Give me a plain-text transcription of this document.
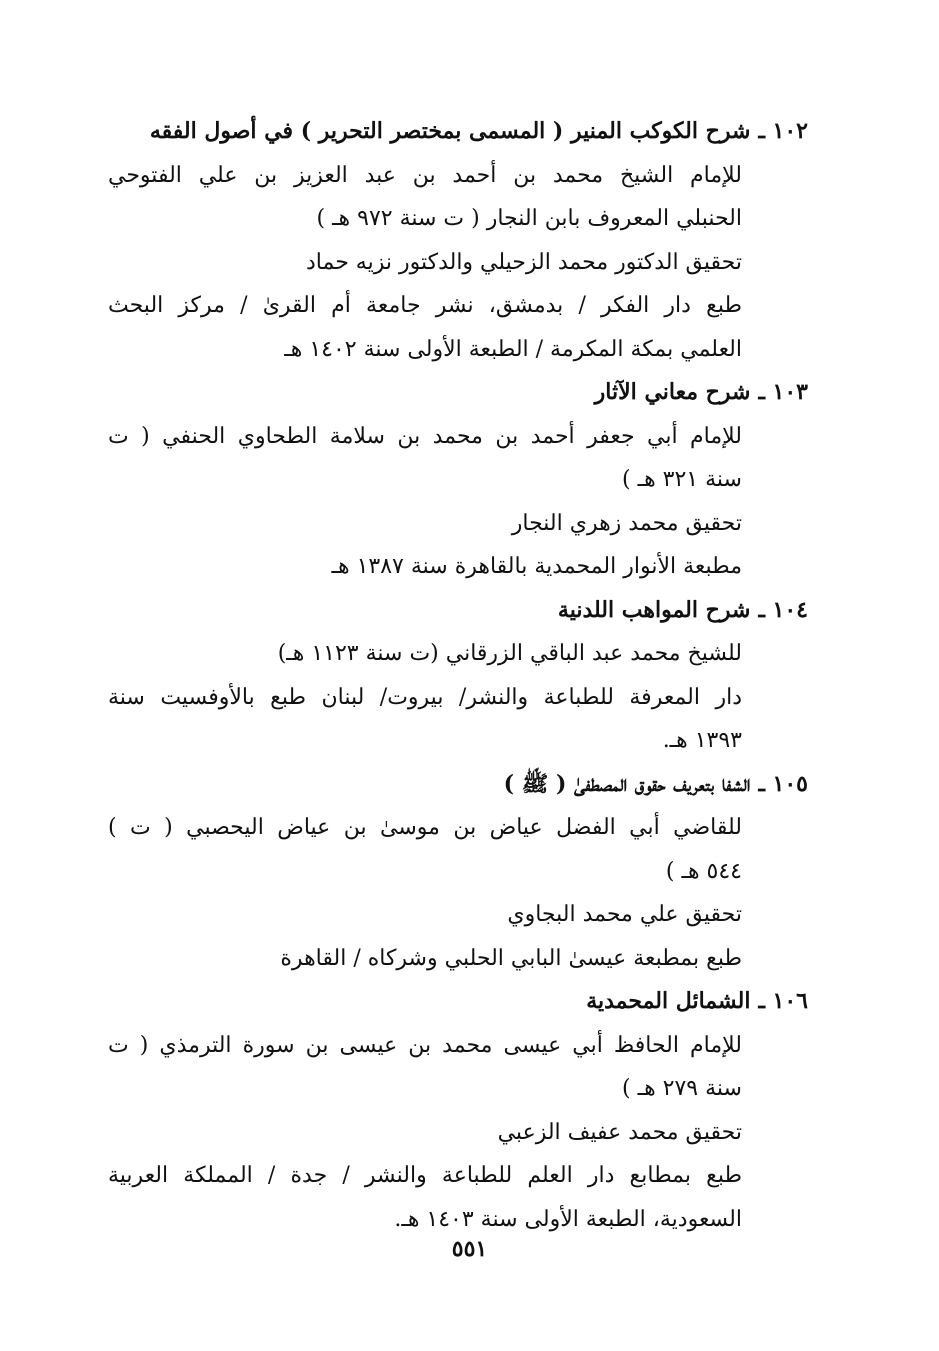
١٠٢ ـشرح الكوكب المنير ( المسمى بمختصر التحرير ) في أصول الفقه
للإمام الشيخ محمد بن أحمد بن عبد العزيز بن علي الفتوحي
الحنبلي المعروف بابن النجار ( ت سنة ٩٧٢ هـ )
تحقيق الدكتور محمد الزحيلي والدكتور نزيه حماد
طبع دار الفكر / بدمشق، نشر جامعة أم القرىٰ / مركز البحث
العلمي بمكة المكرمة / الطبعة الأولى سنة ١٤٠٢ هـ
١٠٣ ـشرح معاني الآثار
للإمام أبي جعفر أحمد بن محمد بن سلامة الطحاوي الحنفي ( ت
سنة ٣٢١ هـ )
تحقيق محمد زهري النجار
مطبعة الأنوار المحمدية بالقاهرة سنة ١٣٨٧ هـ
١٠٤ ـشرح المواهب اللدنية
للشيخ محمد عبد الباقي الزرقاني (ت سنة ١١٢٣ هـ)
دار المعرفة للطباعة والنشر/ بيروت/ لبنان طبع بالأوفسيت سنة
١٣٩٣ هـ.
١٠٥ ـالشفا بتعريف حقوق المصطفىٰ ( ﷺ )
للقاضي أبي الفضل عياض بن موسىٰ بن عياض اليحصبي ( ت )
٥٤٤ هـ )
تحقيق علي محمد البجاوي
طبع بمطبعة عيسىٰ البابي الحلبي وشركاه / القاهرة
١٠٦ ـالشمائل المحمدية
للإمام الحافظ أبي عيسى محمد بن عيسى بن سورة الترمذي ( ت
سنة ٢٧٩ هـ )
تحقيق محمد عفيف الزعبي
طبع بمطابع دار العلم للطباعة والنشر / جدة / المملكة العربية
السعودية، الطبعة الأولى سنة ١٤٠٣ هـ.
٥٥١
